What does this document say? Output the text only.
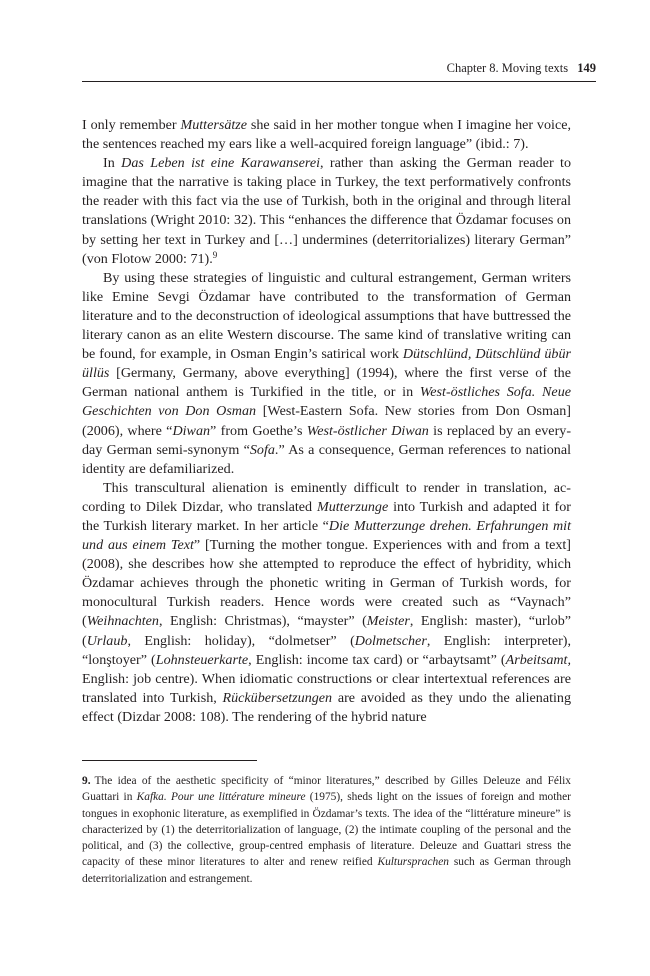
Chapter 8. Moving texts 149

I only remember Muttersätze she said in her mother tongue when I imagine her voice, the sentences reached my ears like a well-acquired foreign language” (ibid.: 7).

In Das Leben ist eine Karawanserei, rather than asking the German reader to imagine that the narrative is taking place in Turkey, the text performatively confronts the reader with this fact via the use of Turkish, both in the original and through literal translations (Wright 2010: 32). This “enhances the difference that Özdamar focuses on by setting her text in Turkey and […] undermines (deterritorializes) literary German” (von Flotow 2000: 71).$^9$

By using these strategies of linguistic and cultural estrangement, German writers like Emine Sevgi Özdamar have contributed to the transformation of German literature and to the deconstruction of ideological assumptions that have buttressed the literary canon as an elite Western discourse. The same kind of translative writing can be found, for example, in Osman Engin’s satirical work Dütschlünd, Dütschlünd übür üllüs [Germany, Germany, above everything] (1994), where the first verse of the German national anthem is Turkified in the title, or in West-östliches Sofa. Neue Geschichten von Don Osman [West-Eastern Sofa. New stories from Don Osman] (2006), where “Diwan” from Goethe’s West-östlicher Diwan is replaced by an everyday German semi-synonym “Sofa.” As a consequence, German references to national identity are defamiliarized.

This transcultural alienation is eminently difficult to render in translation, according to Dilek Dizdar, who translated Mutterzunge into Turkish and adapted it for the Turkish literary market. In her article “Die Mutterzunge drehen. Erfahrungen mit und aus einem Text” [Turning the mother tongue. Experiences with and from a text] (2008), she describes how she attempted to reproduce the effect of hybridity, which Özdamar achieves through the phonetic writing in German of Turkish words, for monocultural Turkish readers. Hence words were created such as “Vaynach” (Weihnachten, English: Christmas), “mayster” (Meister, English: master), “urlob” (Urlaub, English: holiday), “dolmetser” (Dolmetscher, English: interpreter), “lonştoyer” (Lohnsteuerkarte, English: income tax card) or “arbaytsamt” (Arbeitsamt, English: job centre). When idiomatic constructions or clear intertextual references are translated into Turkish, Rückübersetzungen are avoided as they undo the alienating effect (Dizdar 2008: 108). The rendering of the hybrid nature

9. The idea of the aesthetic specificity of “minor literatures,” described by Gilles Deleuze and Félix Guattari in Kafka. Pour une littérature mineure (1975), sheds light on the issues of foreign and mother tongues in exophonic literature, as exemplified in Özdamar’s texts. The idea of the “littérature mineure” is characterized by (1) the deterritorialization of language, (2) the intimate coupling of the personal and the political, and (3) the collective, group-centred emphasis of literature. Deleuze and Guattari stress the capacity of these minor literatures to alter and renew reified Kultursprachen such as German through deterritorialization and estrangement.
